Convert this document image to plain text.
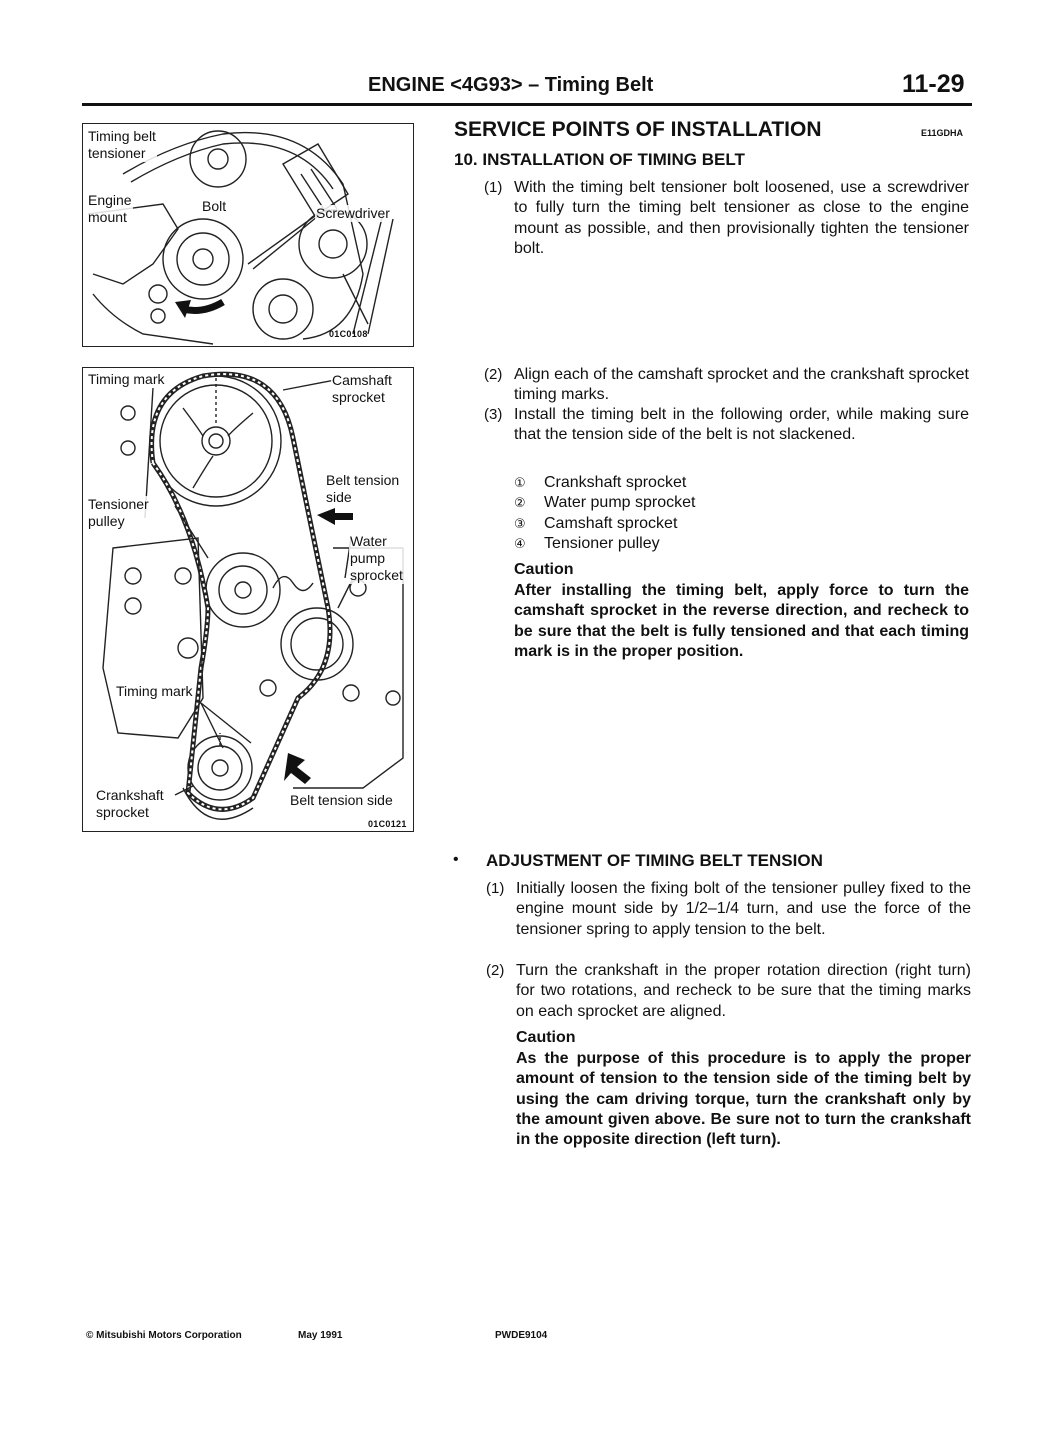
ENGINE <4G93> – Timing Belt	11-29
Timing belt
tensioner
Engine
mount
Bolt	Screwdriver
01C0108
Timing mark	Camshaft
sprocket
Belt tension
side
Tensioner
pulley
Water
pump
sprocket
Timing mark
Crankshaft
sprocket
Belt tension side
01C0121
SERVICE POINTS OF INSTALLATION	E11GDHA
10. INSTALLATION OF TIMING BELT
(1) With the timing belt tensioner bolt loosened, use a screwdriver to fully turn the timing belt tensioner as close to the engine mount as possible, and then provisionally tighten the tensioner bolt.
(2) Align each of the camshaft sprocket and the crankshaft sprocket timing marks.
(3) Install the timing belt in the following order, while making sure that the tension side of the belt is not slackened.
① Crankshaft sprocket
② Water pump sprocket
③ Camshaft sprocket
④ Tensioner pulley
Caution
After installing the timing belt, apply force to turn the camshaft sprocket in the reverse direction, and recheck to be sure that the belt is fully tensioned and that each timing mark is in the proper position.
• ADJUSTMENT OF TIMING BELT TENSION
(1) Initially loosen the fixing bolt of the tensioner pulley fixed to the engine mount side by 1/2–1/4 turn, and use the force of the tensioner spring to apply tension to the belt.
(2) Turn the crankshaft in the proper rotation direction (right turn) for two rotations, and recheck to be sure that the timing marks on each sprocket are aligned.
Caution
As the purpose of this procedure is to apply the proper amount of tension to the tension side of the timing belt by using the cam driving torque, turn the crankshaft only by the amount given above. Be sure not to turn the crankshaft in the opposite direction (left turn).
© Mitsubishi Motors Corporation	May 1991	PWDE9104
